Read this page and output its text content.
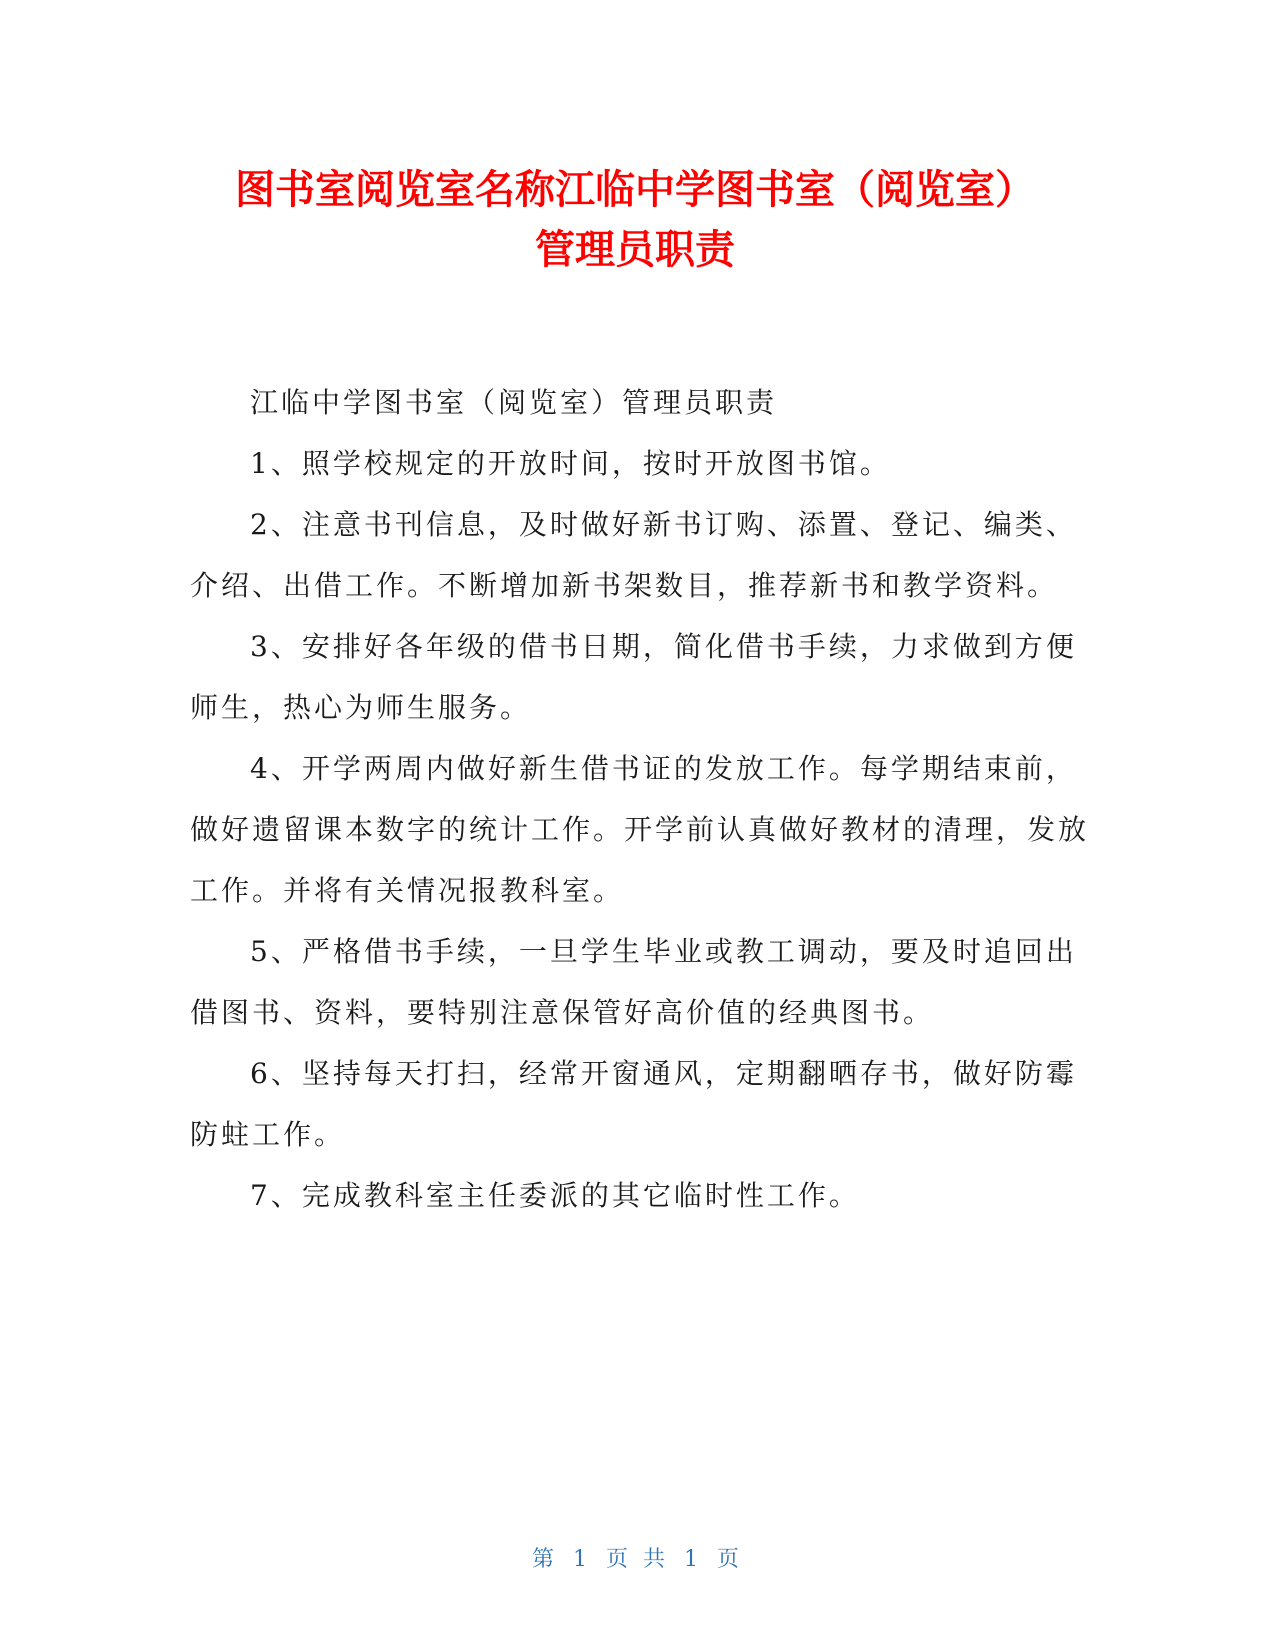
图书室阅览室名称江临中学图书室（阅览室）
管理员职责

江临中学图书室（阅览室）管理员职责

1、照学校规定的开放时间，按时开放图书馆。

2、注意书刊信息，及时做好新书订购、添置、登记、编类、介绍、出借工作。不断增加新书架数目，推荐新书和教学资料。

3、安排好各年级的借书日期，简化借书手续，力求做到方便师生，热心为师生服务。

4、开学两周内做好新生借书证的发放工作。每学期结束前，做好遗留课本数字的统计工作。开学前认真做好教材的清理，发放工作。并将有关情况报教科室。

5、严格借书手续，一旦学生毕业或教工调动，要及时追回出借图书、资料，要特别注意保管好高价值的经典图书。

6、坚持每天打扫，经常开窗通风，定期翻晒存书，做好防霉防蛀工作。

7、完成教科室主任委派的其它临时性工作。

第 1 页 共 1 页
